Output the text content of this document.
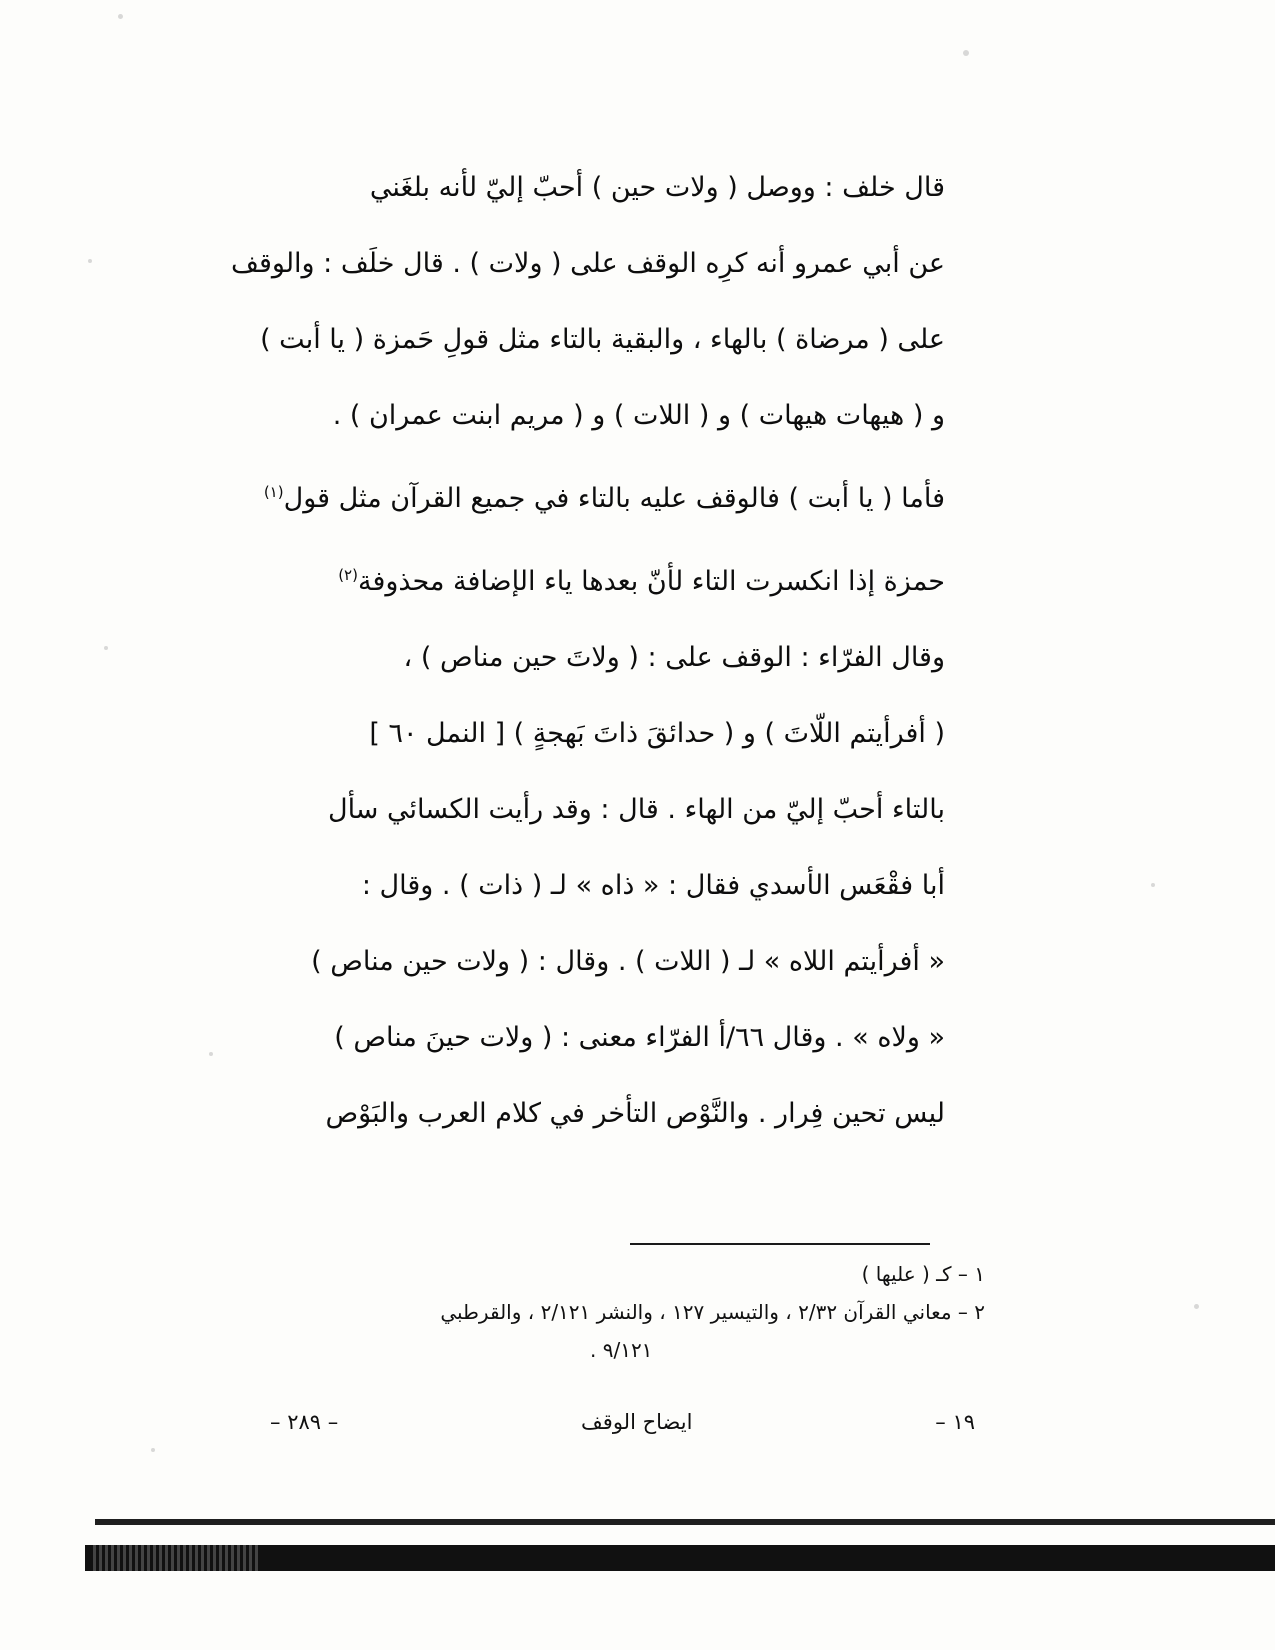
قال خلف : ووصل ( ولات حين ) أحبّ إليّ لأنه بلغَني
عن أبي عمرو أنه كرِه الوقف على ( ولات ) . قال خلَف : والوقف
على ( مرضاة ) بالهاء ، والبقية بالتاء مثل قولِ حَمزة ( يا أبت )
و ( هيهات هيهات ) و ( اللات ) و ( مريم ابنت عمران ) .
فأما ( يا أبت ) فالوقف عليه بالتاء في جميع القرآن مثل قول$^{(١)}$
حمزة إذا انكسرت التاء لأنّ بعدها ياء الإضافة محذوفة$^{(٢)}$
وقال الفرّاء : الوقف على : ( ولاتَ حين مناص ) ،
( أفرأيتم اللّاتَ ) و ( حدائقَ ذاتَ بَهجةٍ ) [ النمل ٦٠ ]
بالتاء أحبّ إليّ من الهاء . قال : وقد رأيت الكسائي سأل
أبا فقْعَس الأسدي فقال : « ذاه » لـ ( ذات ) . وقال :
« أفرأيتم اللاه » لـ ( اللات ) . وقال : ( ولات حين مناص )
« ولاه » . وقال ٦٦/أ الفرّاء معنى : ( ولات حينَ مناص )
ليس تحين فِرار . والنَّوْص التأخر في كلام العرب والبَوْص
١ – كـ ( عليها )
٢ – معاني القرآن ٢/٣٢ ، والتيسير ١٢٧ ، والنشر ٢/١٢١ ، والقرطبي
٩/١٢١ .
١٩ –
ايضاح الوقف
– ٢٨٩ –
